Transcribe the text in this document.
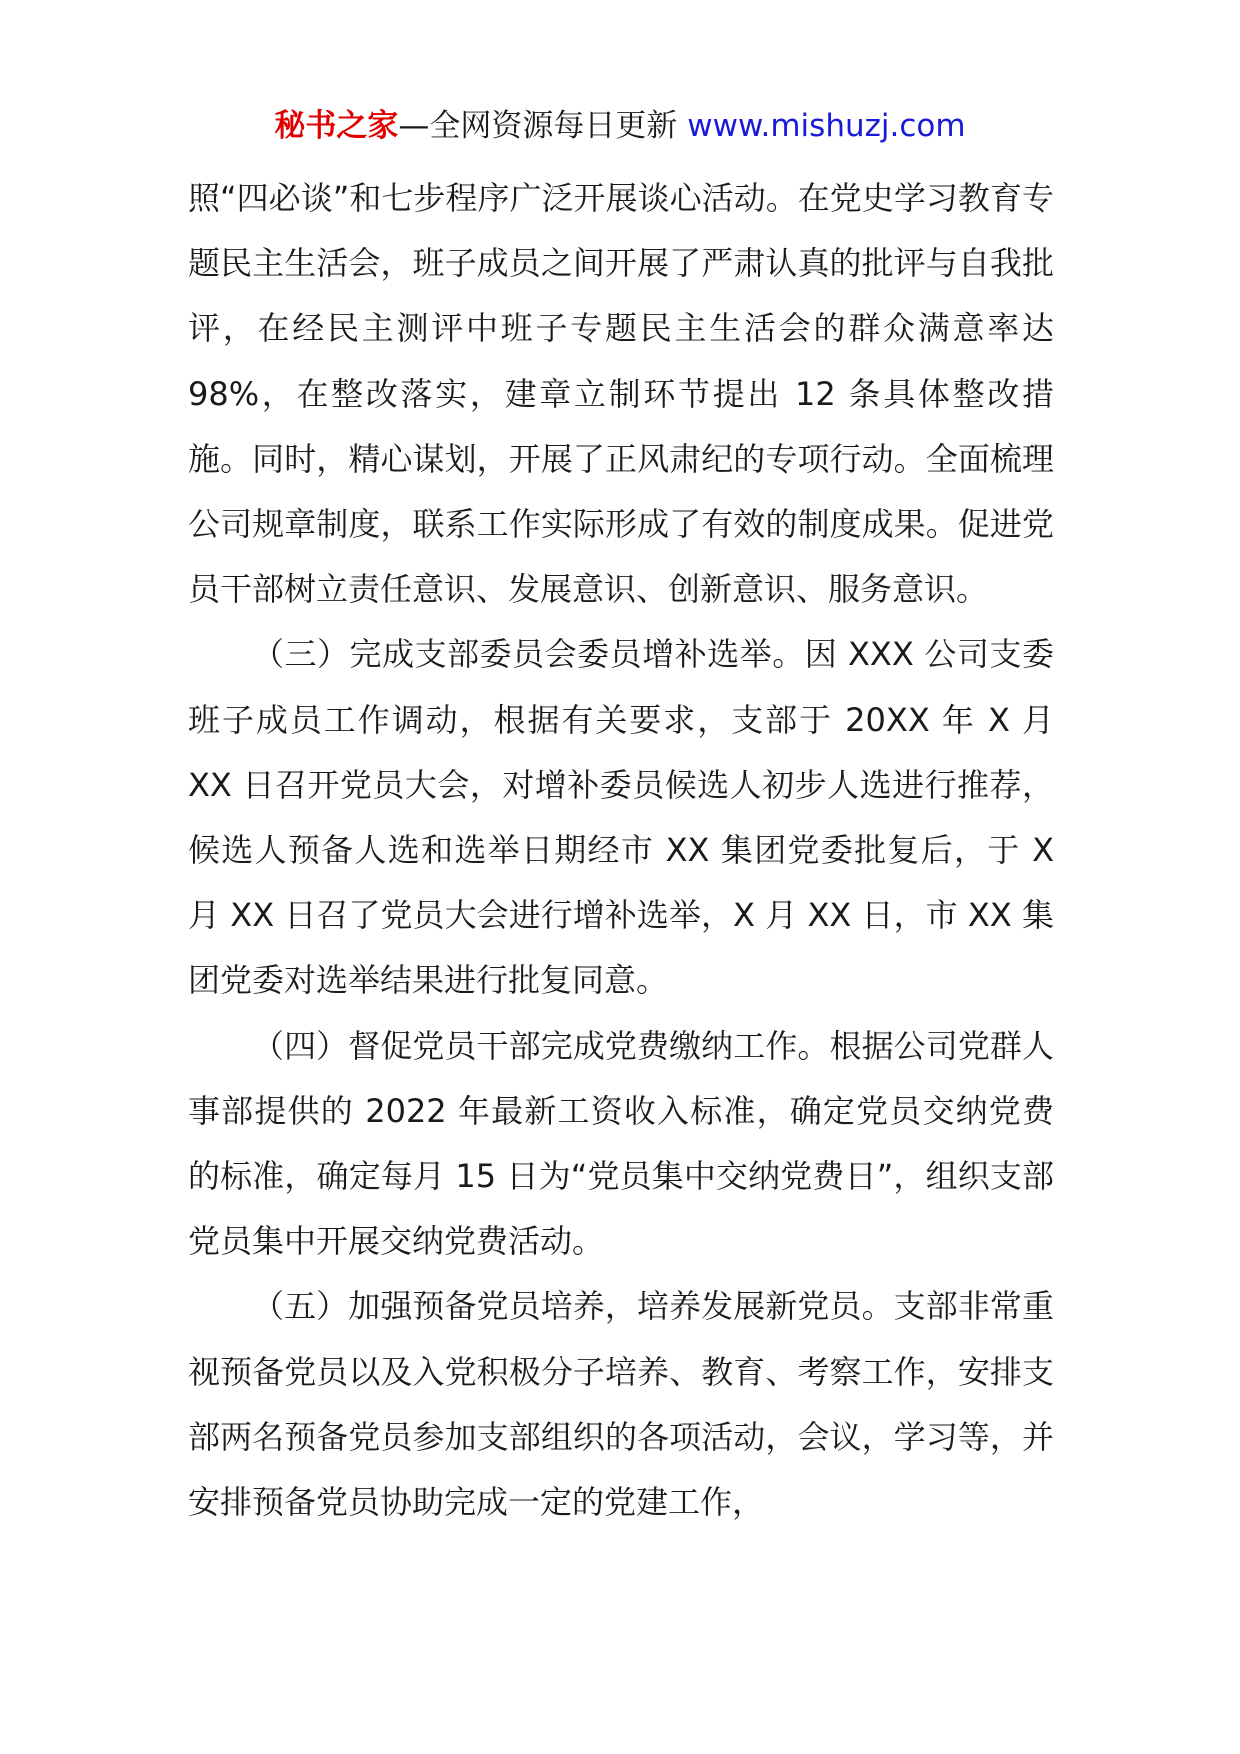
秘书之家—全网资源每日更新 www.mishuzj.com

照“四必谈”和七步程序广泛开展谈心活动。在党史学习教育专题民主生活会，班子成员之间开展了严肃认真的批评与自我批评，在经民主测评中班子专题民主生活会的群众满意率达 98%，在整改落实，建章立制环节提出 12 条具体整改措施。同时，精心谋划，开展了正风肃纪的专项行动。全面梳理公司规章制度，联系工作实际形成了有效的制度成果。促进党员干部树立责任意识、发展意识、创新意识、服务意识。

（三）完成支部委员会委员增补选举。因 XXX 公司支委班子成员工作调动，根据有关要求，支部于 20XX 年 X 月 XX 日召开党员大会，对增补委员候选人初步人选进行推荐，候选人预备人选和选举日期经市 XX 集团党委批复后，于 X 月 XX 日召了党员大会进行增补选举，X 月 XX 日，市 XX 集团党委对选举结果进行批复同意。

（四）督促党员干部完成党费缴纳工作。根据公司党群人事部提供的 2022 年最新工资收入标准，确定党员交纳党费的标准，确定每月 15 日为“党员集中交纳党费日”，组织支部党员集中开展交纳党费活动。

（五）加强预备党员培养，培养发展新党员。支部非常重视预备党员以及入党积极分子培养、教育、考察工作，安排支部两名预备党员参加支部组织的各项活动，会议，学习等，并安排预备党员协助完成一定的党建工作，
